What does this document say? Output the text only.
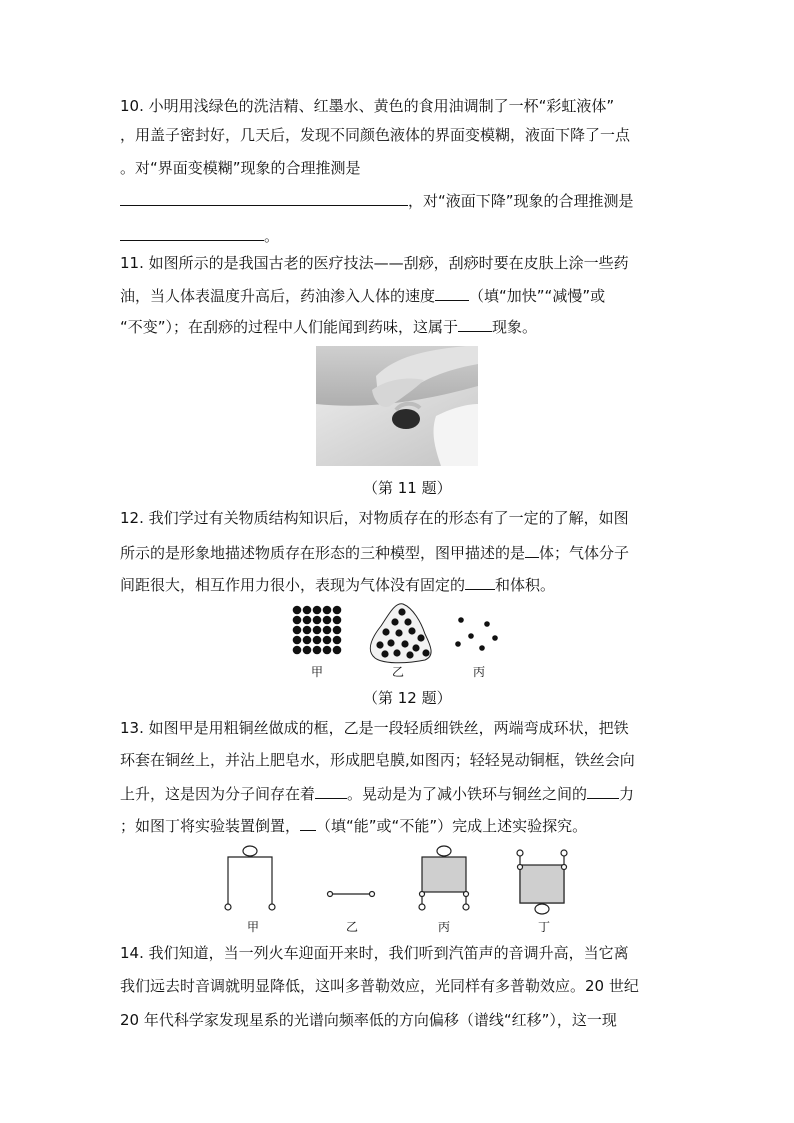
10. 小明用浅绿色的洗洁精、红墨水、黄色的食用油调制了一杯“彩虹液体”
，用盖子密封好，几天后，发现不同颜色液体的界面变模糊，液面下降了一点
。对“界面变模糊”现象的合理推测是
，对“液面下降”现象的合理推测是
。
11. 如图所示的是我国古老的医疗技法——刮痧，刮痧时要在皮肤上涂一些药
油，当人体表温度升高后，药油渗入人体的速度 （填“加快”“减慢”或
“不变”）；在刮痧的过程中人们能闻到药味，这属于 现象。
（第 11 题）
12. 我们学过有关物质结构知识后，对物质存在的形态有了一定的了解，如图
所示的是形象地描述物质存在形态的三种模型，图甲描述的是 体；气体分子
间距很大，相互作用力很小，表现为气体没有固定的 和体积。
甲	乙	丙
（第 12 题）
13. 如图甲是用粗铜丝做成的框，乙是一段轻质细铁丝，两端弯成环状，把铁
环套在铜丝上，并沾上肥皂水，形成肥皂膜,如图丙；轻轻晃动铜框，铁丝会向
上升，这是因为分子间存在着 。晃动是为了减小铁环与铜丝之间的 力
；如图丁将实验装置倒置， （填“能”或“不能”）完成上述实验探究。
甲	乙	丙	丁
14. 我们知道，当一列火车迎面开来时，我们听到汽笛声的音调升高，当它离
我们远去时音调就明显降低，这叫多普勒效应，光同样有多普勒效应。20 世纪
20 年代科学家发现星系的光谱向频率低的方向偏移（谱线“红移”），这一现
